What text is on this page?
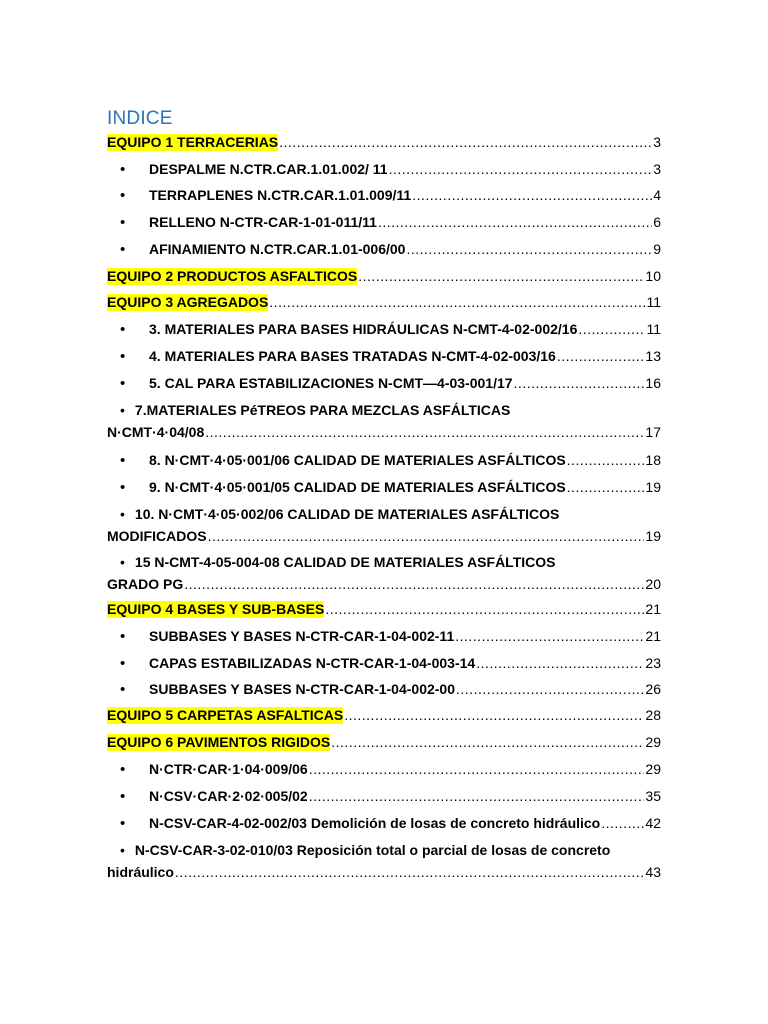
INDICE
EQUIPO 1 TERRACERIAS .....	3
• DESPALME N.CTR.CAR.1.01.002/ 11 .....	3
• TERRAPLENES N.CTR.CAR.1.01.009/11 .....	4
• RELLENO N-CTR-CAR-1-01-011/11 .....	6
• AFINAMIENTO N.CTR.CAR.1.01-006/00 .....	9
EQUIPO 2 PRODUCTOS ASFALTICOS .....	10
EQUIPO 3 AGREGADOS .....	11
• 3. MATERIALES PARA BASES HIDRÁULICAS N-CMT-4-02-002/16 .....	11
• 4. MATERIALES PARA BASES TRATADAS N-CMT-4-02-003/16 .....	13
• 5. CAL PARA ESTABILIZACIONES N-CMT—4-03-001/17 .....	16
• 7.MATERIALES PéTREOS PARA MEZCLAS ASFÁLTICAS
N·CMT·4·04/08 .....	17
• 8. N·CMT·4·05·001/06 CALIDAD DE MATERIALES ASFÁLTICOS .....	18
• 9. N·CMT·4·05·001/05 CALIDAD DE MATERIALES ASFÁLTICOS .....	19
• 10. N·CMT·4·05·002/06 CALIDAD DE MATERIALES ASFÁLTICOS
MODIFICADOS .....	19
• 15 N-CMT-4-05-004-08 CALIDAD DE MATERIALES ASFÁLTICOS
GRADO PG .....	20
EQUIPO 4 BASES Y SUB-BASES .....	21
• SUBBASES Y BASES N-CTR-CAR-1-04-002-11 .....	21
• CAPAS ESTABILIZADAS N-CTR-CAR-1-04-003-14 .....	23
• SUBBASES Y BASES N-CTR-CAR-1-04-002-00 .....	26
EQUIPO 5 CARPETAS ASFALTICAS .....	28
EQUIPO 6 PAVIMENTOS RIGIDOS .....	29
• N·CTR·CAR·1·04·009/06 .....	29
• N·CSV·CAR·2·02·005/02 .....	35
• N-CSV-CAR-4-02-002/03 Demolición de losas de concreto hidráulico .....	42
• N-CSV-CAR-3-02-010/03 Reposición total o parcial de losas de concreto
hidráulico .....	43
